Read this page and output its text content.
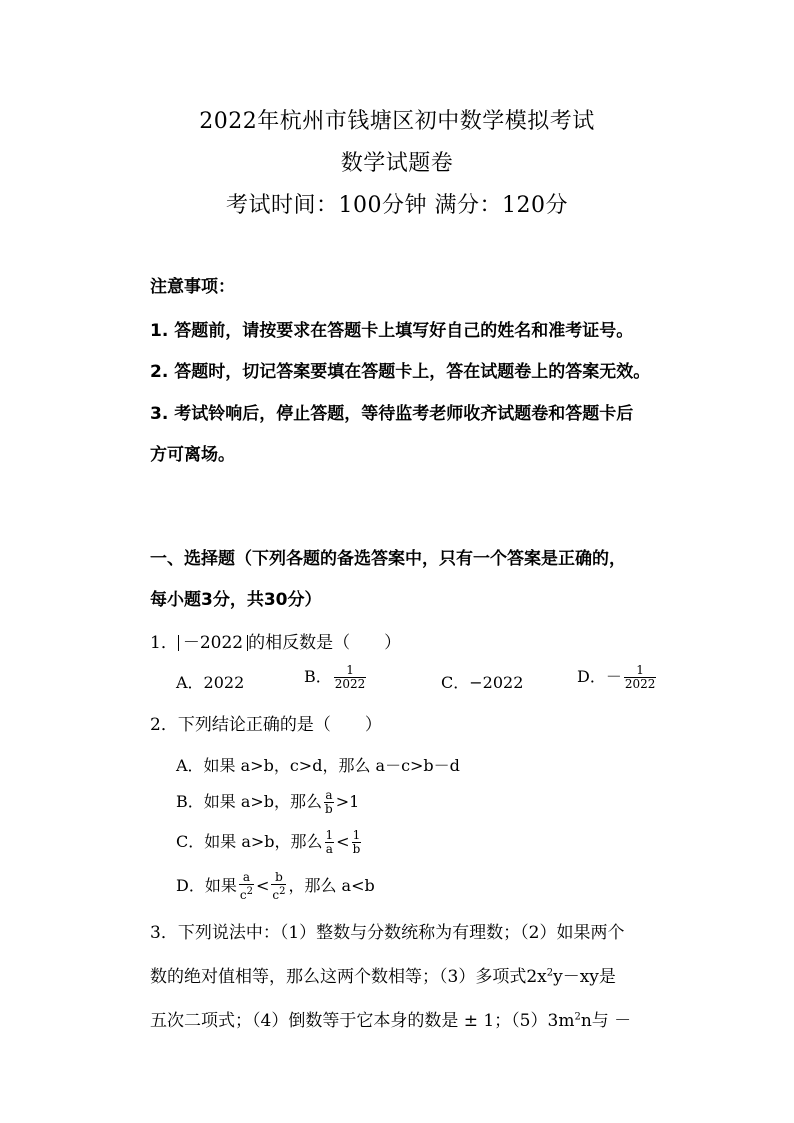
2022年杭州市钱塘区初中数学模拟考试
数学试题卷
考试时间：100分钟 满分：120分
注意事项：
1. 答题前，请按要求在答题卡上填写好自己的姓名和准考证号。
2. 答题时，切记答案要填在答题卡上，答在试题卷上的答案无效。
3. 考试铃响后，停止答题，等待监考老师收齐试题卷和答题卡后
方可离场。
一、选择题（下列各题的备选答案中，只有一个答案是正确的，
每小题3分，共30分）
1． －2022 的相反数是（　　）
A．2022	B． $\frac{1}{2022}$	C．−2022	D．－ $\frac{1}{2022}$
2．下列结论正确的是（　　）
A．如果 a>b，c>d，那么 a－c>b－d
B．如果 a>b，那么 $\frac{a}{b} >1$
C．如果 a>b，那么 $\frac{1}{a} < \frac{1}{b}$
D．如果 $\frac{a}{c^2} < \frac{b}{c^2}$ ，那么 a<b
3．下列说法中：（1）整数与分数统称为有理数；（2）如果两个
数的绝对值相等，那么这两个数相等；（3）多项式$2x^2y-xy$是
五次二项式；（4）倒数等于它本身的数是 ± 1；$(5)3m^2n$与 －
